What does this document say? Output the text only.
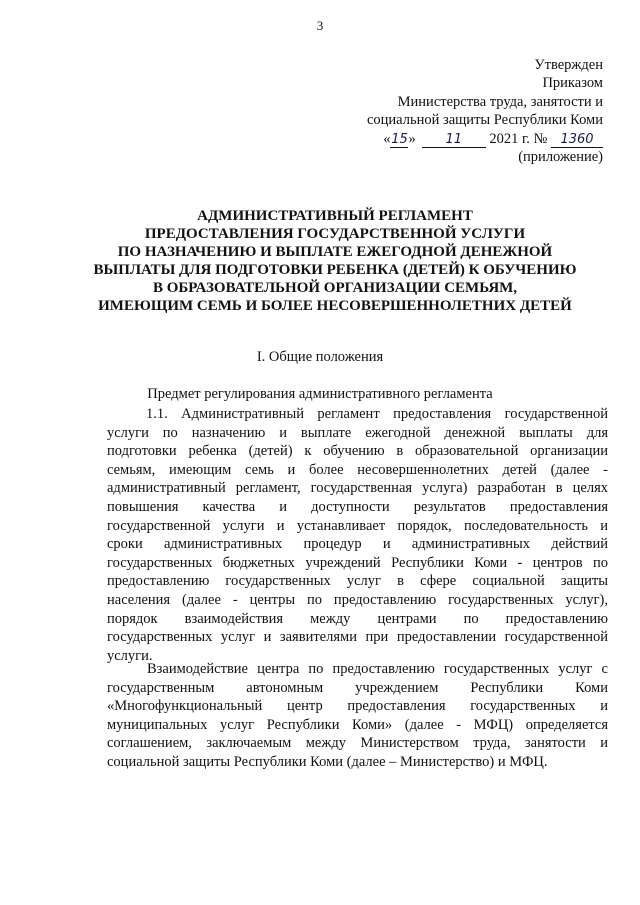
3
Утвержден
Приказом
Министерства труда, занятости и
социальной защиты Республики Коми
«15» 11 2021 г. № 1360
(приложение)
АДМИНИСТРАТИВНЫЙ РЕГЛАМЕНТ
ПРЕДОСТАВЛЕНИЯ ГОСУДАРСТВЕННОЙ УСЛУГИ
ПО НАЗНАЧЕНИЮ И ВЫПЛАТЕ ЕЖЕГОДНОЙ ДЕНЕЖНОЙ
ВЫПЛАТЫ ДЛЯ ПОДГОТОВКИ РЕБЕНКА (ДЕТЕЙ) К ОБУЧЕНИЮ
В ОБРАЗОВАТЕЛЬНОЙ ОРГАНИЗАЦИИ СЕМЬЯМ,
ИМЕЮЩИМ СЕМЬ И БОЛЕЕ НЕСОВЕРШЕННОЛЕТНИХ ДЕТЕЙ
I. Общие положения
Предмет регулирования административного регламента
1.1. Административный регламент предоставления государственной
услуги по назначению и выплате ежегодной денежной выплаты для
подготовки ребенка (детей) к обучению в образовательной организации
семьям, имеющим семь и более несовершеннолетних детей (далее -
административный регламент, государственная услуга) разработан в целях
повышения качества и доступности результатов предоставления
государственной услуги и устанавливает порядок, последовательность и
сроки административных процедур и административных действий
государственных бюджетных учреждений Республики Коми - центров по
предоставлению государственных услуг в сфере социальной защиты
населения (далее - центры по предоставлению государственных услуг),
порядок взаимодействия между центрами по предоставлению
государственных услуг и заявителями при предоставлении государственной
услуги.
Взаимодействие центра по предоставлению государственных услуг с
государственным автономным учреждением Республики Коми
«Многофункциональный центр предоставления государственных и
муниципальных услуг Республики Коми» (далее - МФЦ) определяется
соглашением, заключаемым между Министерством труда, занятости и
социальной защиты Республики Коми (далее – Министерство) и МФЦ.
